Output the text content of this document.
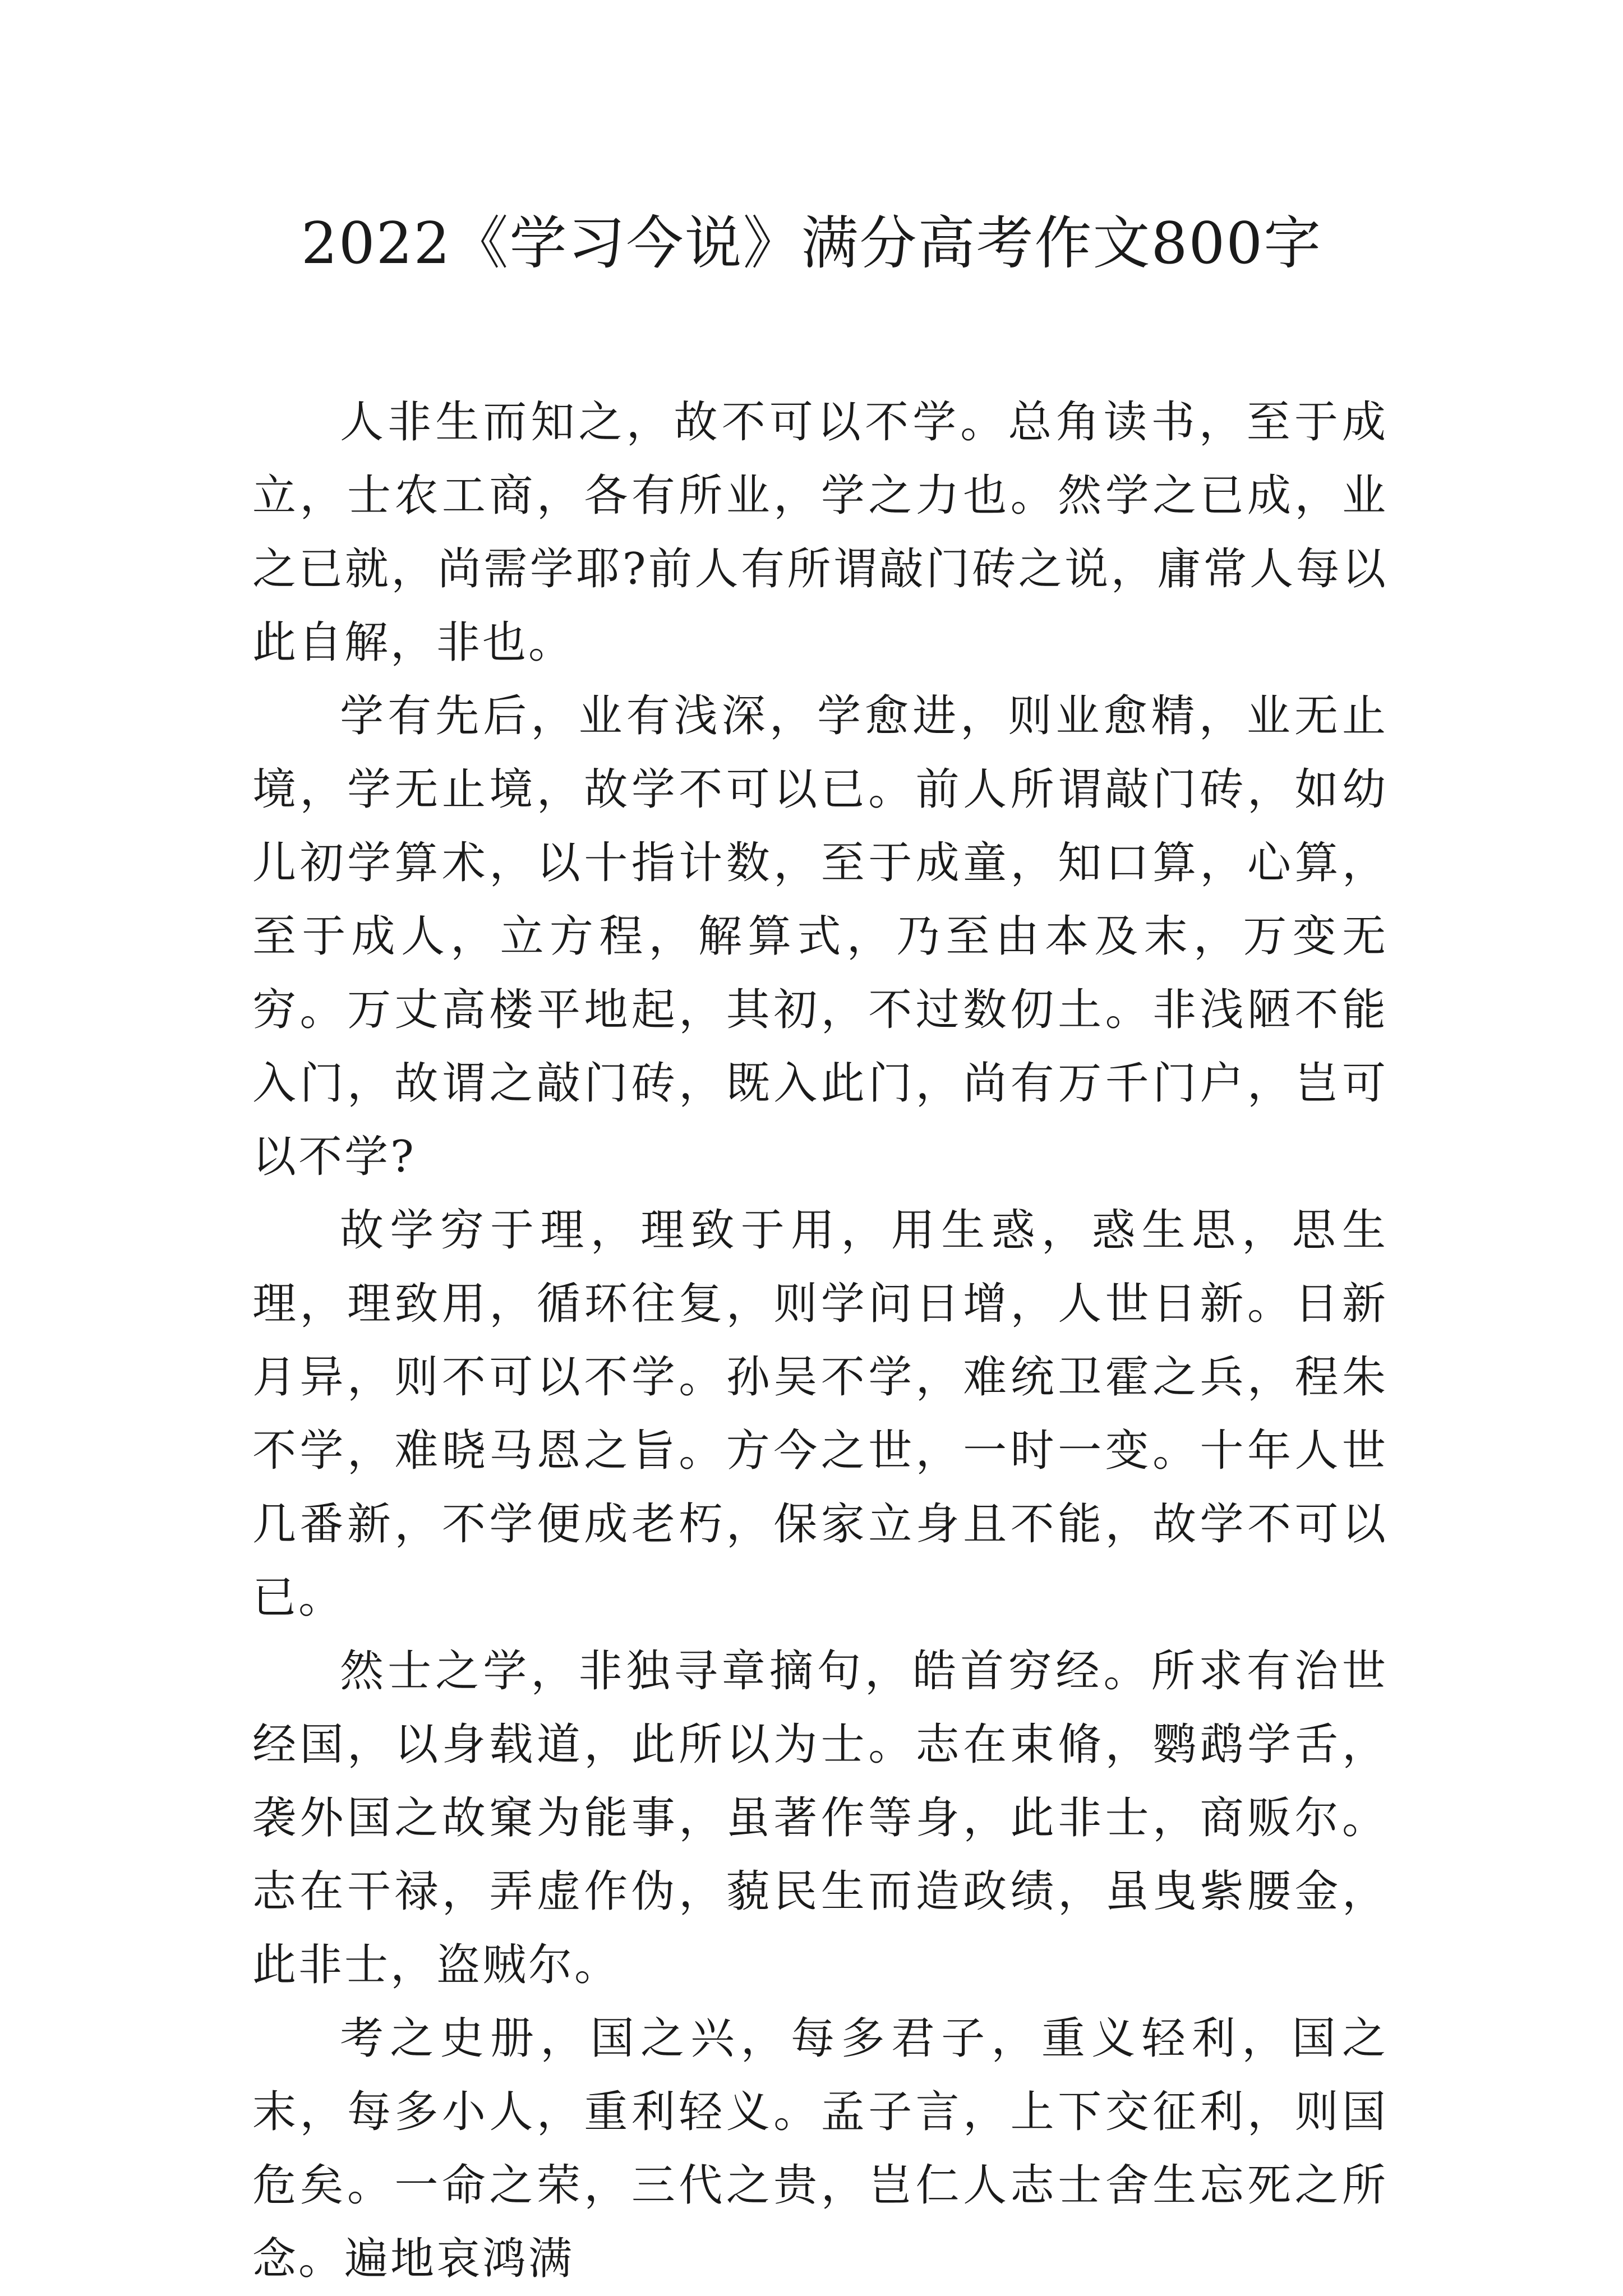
2022《学习今说》满分高考作文800字

人非生而知之，故不可以不学。总角读书，至于成立，士农工商，各有所业，学之力也。然学之已成，业之已就，尚需学耶?前人有所谓敲门砖之说，庸常人每以此自解，非也。

学有先后，业有浅深，学愈进，则业愈精，业无止境，学无止境，故学不可以已。前人所谓敲门砖，如幼儿初学算术，以十指计数，至于成童，知口算，心算，至于成人，立方程，解算式，乃至由本及末，万变无穷。万丈高楼平地起，其初，不过数仞土。非浅陋不能入门，故谓之敲门砖，既入此门，尚有万千门户，岂可以不学?

故学穷于理，理致于用，用生惑，惑生思，思生理，理致用，循环往复，则学问日增，人世日新。日新月异，则不可以不学。孙吴不学，难统卫霍之兵，程朱不学，难晓马恩之旨。方今之世，一时一变。十年人世几番新，不学便成老朽，保家立身且不能，故学不可以已。

然士之学，非独寻章摘句，皓首穷经。所求有治世经国，以身载道，此所以为士。志在束脩，鹦鹉学舌，袭外国之故窠为能事，虽著作等身，此非士，商贩尔。志在干禄，弄虚作伪，藐民生而造政绩，虽曳紫腰金，此非士，盗贼尔。

考之史册，国之兴，每多君子，重义轻利，国之末，每多小人，重利轻义。孟子言，上下交征利，则国危矣。一命之荣，三代之贵，岂仁人志士舍生忘死之所念。遍地哀鸿满
